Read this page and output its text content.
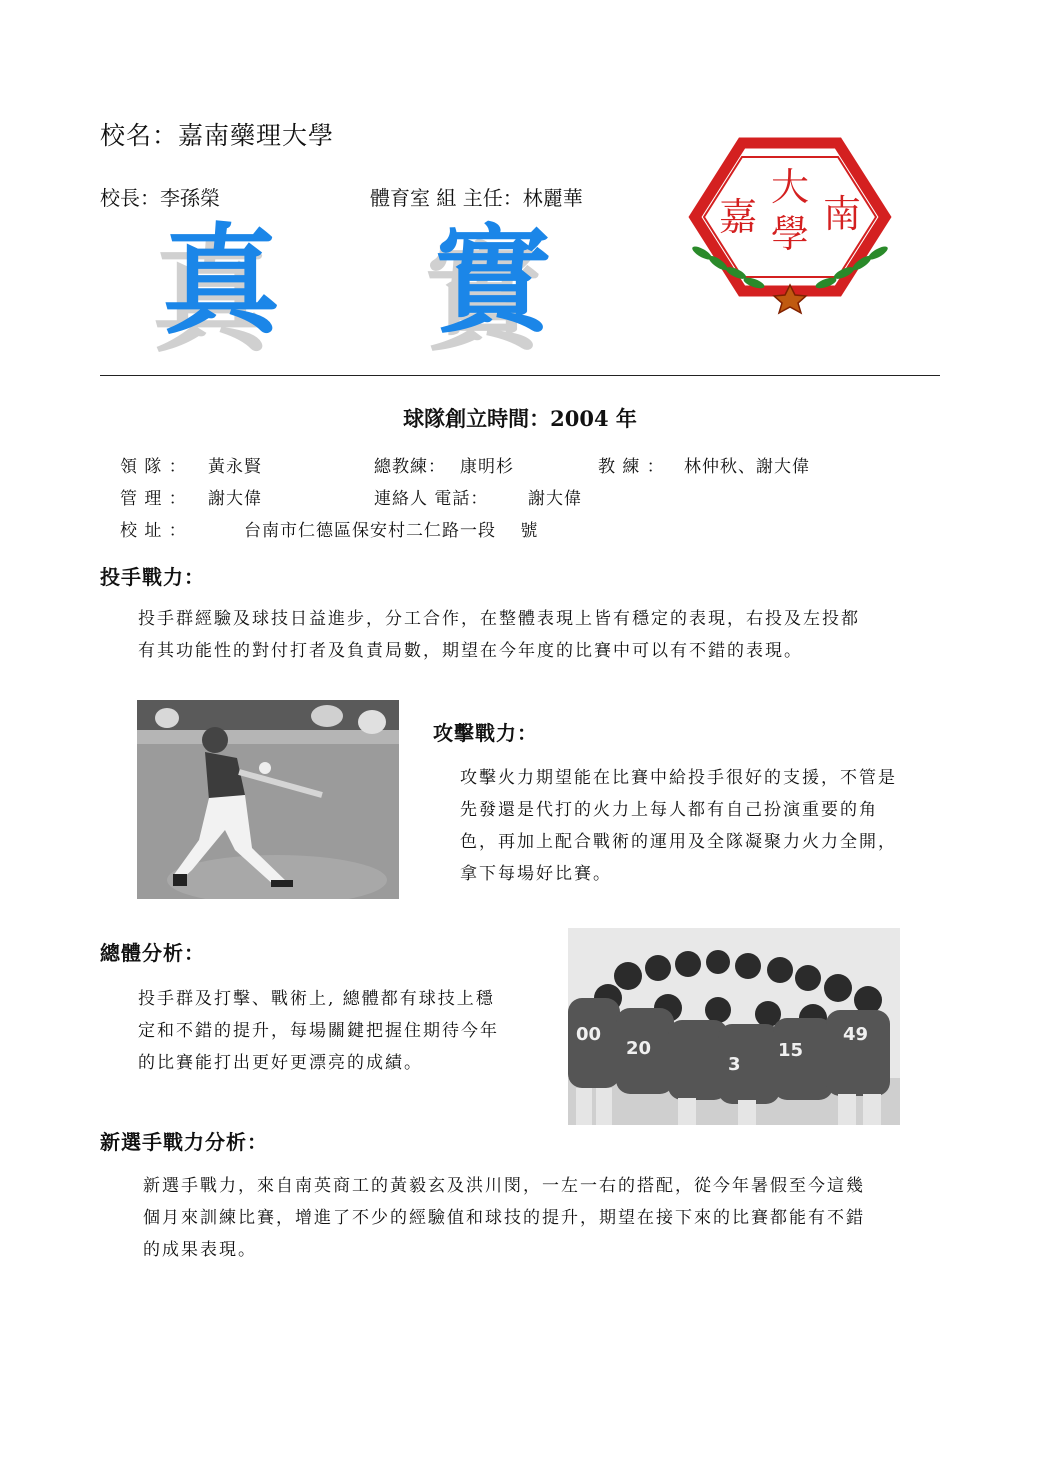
校名：嘉南藥理大學
校長：李孫榮	體育室 組 主任：林麗華
真 實
大
嘉 南
學
球隊創立時間：2004 年
領 隊 ： 黃永賢	總教練： 康明杉	教 練 ： 林仲秋、謝大偉
管 理 ： 謝大偉	連絡人 電話： 謝大偉
校 址 ：	台南市仁德區保安村二仁路一段　 號
投手戰力：
投手群經驗及球技日益進步，分工合作，在整體表現上皆有穩定的表現，右投及左投都
有其功能性的對付打者及負責局數，期望在今年度的比賽中可以有不錯的表現。
攻擊戰力：
攻擊火力期望能在比賽中給投手很好的支援，不管是
先發還是代打的火力上每人都有自己扮演重要的角
色，再加上配合戰術的運用及全隊凝聚力火力全開，
拿下每場好比賽。
總體分析：
投手群及打擊、戰術上, 總體都有球技上穩
定和不錯的提升，每場關鍵把握住期待今年
的比賽能打出更好更漂亮的成績。
00
20
3
15
49
新選手戰力分析：
新選手戰力，來自南英商工的黃毅玄及洪川閔，一左一右的搭配，從今年暑假至今這幾
個月來訓練比賽，增進了不少的經驗值和球技的提升，期望在接下來的比賽都能有不錯
的成果表現。
